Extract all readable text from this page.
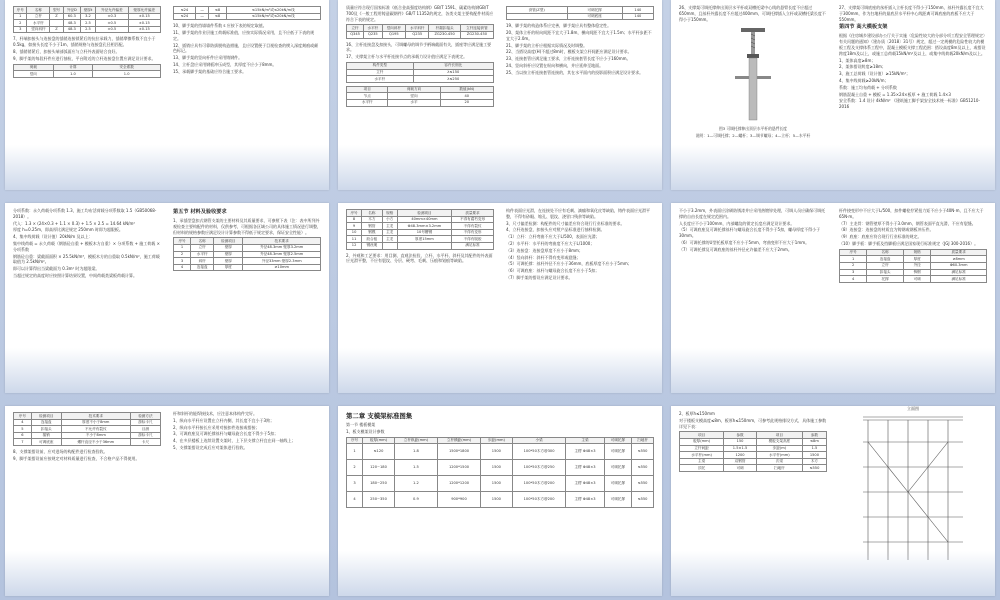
序号	名称	型号	外径D	壁厚t	外径允许偏差	壁厚允许偏差
1	立杆	Z	60.3	3.2	±0.3	±0.15
2	水平杆		48.3	2.5	±0.5	±0.15
3	竖向斜杆	Z	48.3	2.5	±0.5	±0.15

7、杆端扣接头与连接盘的插销连接锁紧后的抗拉承载力，插销摩擦系数不宜小于0.5kg，如接头长度不小于1m，插销规格与连接盘孔径相匹配。

8、插销销紧后，扣接头端部弧面应与立杆外表面贴合良好。

9、脚手架的每段杆件应进行抽检，平台附近的立杆连接盘位置应满足设计要求。

荷载	计算	安全系数
竖向	1.0	1.0
≤24	—	≤8	≤15kN/m²或≤20kN/m线
≤24	—	≤8	≤15kN/m²或≤20kN/m线

10、脚手架的挡墙墙件系数 s 应按下表的规定取值。

11、脚手架的作业层施工荷载标准值，应按实际情况采用，且不应低于下表的规定。

12、插销应具有可靠防拔脱构造措施，且应设置便于目视检查的楔入深度刻痕或颜色标记。

13、脚手架的竖向杆件应采用铸钢件。

14、立杆盘应采用钢板冲压成型，其厚度不应小于8mm。

15、承载脚手架的基础应符合施工要求。

质量应符合现行国家标准《低合金高强度结构钢》GB/T 1591、碳素结构钢GB/T 700及《一般工程用铸造碳钢件》GB/T 11352的规定，各类支架主要构配件材质应符合下表的规定。

立杆	水平杆	竖向斜杆	水平斜杆	杆端扣接头	立杆连接套管
Q345	Q235	Q195	Q235	ZG230-450	ZG230-450

16、立杆连接盘及扣接头，可调螺母的调节手柄端截面有关，插座等应满足施工要求。

17、支撑架立杆与水平杆连接节点的承载力设计值应满足下表规定。

构件类型	容许长细比
立杆	λ≤150
水平杆	λ≤250
项目	荷载方向	数值(kN)
节点	竖向	40
水平杆	水平	20
套管(Z型)	可调托撑	140
	可调底座	140

19、脚手架的构造体系应完善，脚手架应具有整体稳定性。

20、架体立杆的纵向间距不宜大于1.8m，横向间距不宜大于1.5m；水平杆步距不宜大于2.0m。

21、脚手架的立杆应根据实际情况及时调整。

22、当搭设高度(H)不超过8m时，模板支架立杆间距应满足设计要求。

23、连接套管应满足施工要求，立杆连接套管长度不应小于160mm。

24、竖向斜杆应设置在纵向和横向，并应延伸至地面。

25、当以按立杆连接套管连接的，其在水平面内的投影面积应满足设计要求。

26、支撑架可调托撑伸出顶层水平杆或双槽托梁中心线的悬臂长度不应超过650mm，且丝杆外露长度不应超过400mm，可调托撑插入立杆或双槽托梁长度不得小于150mm。

图3 可调托撑伸出顶层水平杆的悬臂长度

说明：1—可调托撑；2—螺杆；3—调节螺母；4—立杆；5—水平杆

27、支撑架可调底座的丝杆插入立杆长度不得小于150mm，丝杆外露长度不宜大于300mm，作为扫地杆的最底层水平杆中心线距离可调底座的底板不应大于550mm。

第四节 高大模板支架

根据《住房城乡建设部办公厅关于实施〈危险性较大的分部分项工程安全管理规定〉有关问题的通知》（建办质〔2018〕31号）规定，超过一定规模的危险性较大的模板工程及支撑体系工程中，混凝土模板支撑工程范围：搭设高度8m及以上，或搭设跨度18m及以上，或施工总荷载15kN/m²及以上，或集中线荷载20kN/m及以上。

1、架体高度≥8m；

2、架体搭设跨度≥18m；

3、施工总荷载（设计值）≥15kN/m²；

4、集中线荷载≥20kN/m；

系数：施工均布荷载 + 分项系数

钢筋混凝土自重 + 模板 = 1.35×24×板厚 + 施工荷载 1.4×3

安全系数：1.4 设计 4kN/m² 《建筑施工脚手架安全技术统一标准》GB51210-2016

分项系数：永久荷载分项系数 1.3，施工均布活荷载分项系数取 1.5（GB50068-2018）。

代入：1.3 × (24×0.3 + 1.1 × 0.3) + 1.5 × 2.5 = 14.64 kN/m²

厚度 h=0.25m，即高厚比满足规定 250mm 时即为超限板。

4、集中线荷载（设计值）20kN/m 及以上：

集中线荷载 = 永久荷载（钢筋砼自重 + 模板木方自重）× 分项系数 + 施工荷载 × 分项系数

钢筋砼自重：梁截面面积 × 25.5kN/m³，模板木方的自重取 0.5kN/m²，施工荷载取值为 2.5kN/m²。

即可以计算得出当梁截面为 0.3m² 时为超限梁。

当超过规定的高度时应按照计算结果设置，中间荷载类梁板荷载计算。

第五节 材料及验收要求

1、承插型盘扣式钢管支架的主要材料及其质量要求，可参照下表（注：表中所列外观检查主要构配件的材料，仅供参考，可根据各区域公司的具体施工情况进行调整，但材料的规格参数应满足设计计算参数不得低于规定要求，保证安全性能）。

序号	名称	检测项目	技术要求
1	立杆	壁厚	外径48.3mm 壁厚3.2mm
2	水平杆	壁厚	外径48.3mm 壁厚2.5mm
3	斜杆	壁厚	外径33mm 壁厚2.3mm
4	连接盘	厚度	≥10mm
序号	名称	规格	检测项目	质量要求
8	木方	小方	40mm×40mm	不得有腐朽变形
9	钢管	主龙	Φ48.3mm×3.2mm	不得有裂纹
10	钢模	主龙	10号槽钢	不得有变形
11	胶合板	主龙	厚度15mm	不得有脱胶
12	钢丝绳			满足标准

2、外观和工艺要求：用目测、直观法检验，立杆、水平杆、斜杆及其配件的外表面应光滑平整，不应有裂纹、分层、硬弯、毛刺、压痕和划痕等缺陷。

构件表面应光滑，在连接处不应有毛刺、滴瘤和氧化皮等缺陷，铸件表面应光滑平整，不得有砂眼、缩孔、裂纹、浇冒口残余等缺陷。

3、尺寸偏差检测：构配件的尺寸偏差应符合现行行业标准的要求。

4、立杆连接盘，扣接头应对照产品标准进行抽样检测。

（1）立杆：立杆弯曲不应大于L/500，表面应光滑；

（2）水平杆：水平杆的弯曲度不应大于L/1000；

（3）连接盘：连接盘厚度不应小于8mm；

（4）竖向斜杆：斜杆不得有变形或裂缝；

（5）可调托撑：丝杆外径不应小于36mm，底板厚度不应小于5mm；

（6）可调底座：丝杆与螺母旋合长度不应小于5扣；

（7）脚手架的搭设应满足设计要求。

不小于3.2mm，外表面应涂刷防锈漆并应采用热镀锌处理，可调人员应确保可调托撑的自由长度在规定范围内。

人长度应不小于100mm，内部螺纹的锁定长度应满足设计要求。

（5）可调底座及可调托撑丝杆与螺母旋合长度不得少于5扣，螺母厚度不得小于30mm。

（6）可调托撑的U型托板厚度不应小于5mm，弯曲变形不应大于1mm。

（7）可调托撑及可调底座的丝杆外径允许偏差不应大于2mm。

杆件挠变形中不应大于L/500，扣件螺栓拧紧扭力矩不应小于40N·m，且不应大于65N·m。

（7）主龙骨：钢管壁厚不得小于3.0mm，钢管表面平直光滑，不应有裂缝。

（8）连接盘：连接盘的材质宜为铸钢或钢板冲压件。

（9）底座：底座应符合现行行业标准的规定。

（10）脚手板：脚手板及挡脚板应满足国家现行标准规定（JGJ 300-2016）。

序号	名称	规格	质量要求
1	连接盘	厚度	≥8mm
2	立杆	外径	Φ60.3mm
3	扣接头	铸钢	满足标准
4	托撑	可调	满足标准
序号	检测项目	技术要求	检测方法
4	连接盘	厚度不小于8mm	游标卡尺
5	扣接头	不允许有裂纹	目测
6	插销	不小于8mm	游标卡尺
7	可调底座	螺杆直径不小于36mm	卡尺

8、支撑架搭设前，应对进场的构配件进行检查验收。

9、脚手架搭设前应按规定对材料质量进行检查，不合格产品不得使用。

杆和斜杆的能焊接技术，应注意本体构件完好。

1、纵向水平杆应设置在立杆内侧，其长度不宜小于3跨；

2、纵向水平杆接长应采用对接扣件连接或搭接；

3、可调底座及可调托撑丝杆与螺母旋合长度不得少于5扣；

4、在多层楼板上连续设置支架时，上下层支撑立杆宜在同一轴线上；

5、支撑架搭设完成后应对架体进行验收。

第二章 支模架标准图集

第一节 楼板模架

1、板支模架设计参数

序号	板厚(mm)	立杆纵距(mm)	立杆横距(mm)	步距(mm)	小梁	主梁	可调托撑	扫地杆
1	≤120	1.8	1500*1800	1500	100*50木方@300	主楞 Φ48×3	可调托撑	≤550
2	120~180	1.5	1200*1500	1500	100*50木方@250	主楞 Φ48×3	可调托撑	≤550
3	180~250	1.2	1200*1200	1500	100*50木方@200	主楞 Φ48×3	可调托撑	≤550
4	250~350	0.9	900*900	1500	100*50木方@200	主楞 Φ48×3	可调托撑	≤550

2、板厚h≤150mm

对于楼板支模高度≤8m，板厚h≤150mm，可参考此规格排设方式，具体施工参数详见下表：

项目	参数	项目	参数
板厚(mm)	150	模板支架高度	≤8m
立杆间距	1.5×1.5	步距(m)	1.5
水平杆(mm)	1200	水平杆(mm)	1500
主梁	双钢管	次梁	木方
顶托	可调	扫地杆	≤550
立面图
